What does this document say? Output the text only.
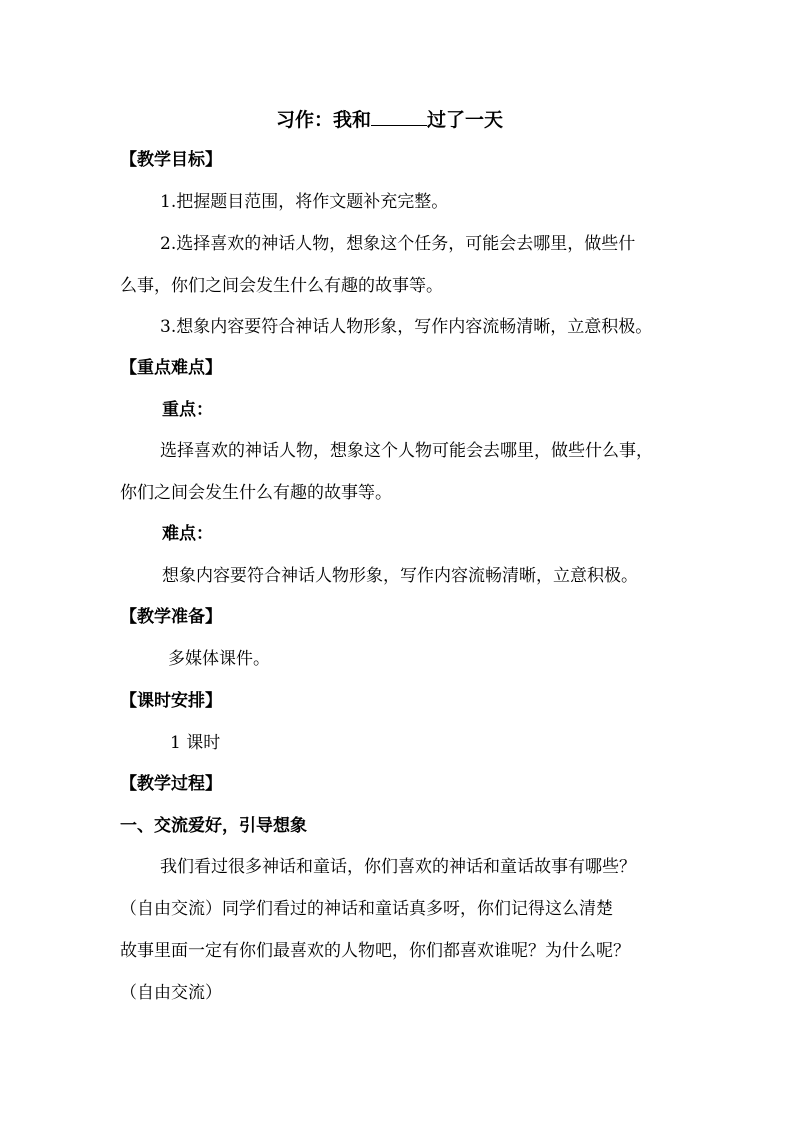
习作：我和	过了一天
【教学目标】
1.把握题目范围，将作文题补充完整。
2.选择喜欢的神话人物，想象这个任务，可能会去哪里，做些什
么事，你们之间会发生什么有趣的故事等。
3.想象内容要符合神话人物形象，写作内容流畅清晰，立意积极。
【重点难点】
重点：
选择喜欢的神话人物，想象这个人物可能会去哪里，做些什么事，
你们之间会发生什么有趣的故事等。
难点：
想象内容要符合神话人物形象，写作内容流畅清晰，立意积极。
【教学准备】
多媒体课件。
【课时安排】
1 课时
【教学过程】
一、交流爱好，引导想象
我们看过很多神话和童话，你们喜欢的神话和童话故事有哪些？
（自由交流）同学们看过的神话和童话真多呀，你们记得这么清楚
故事里面一定有你们最喜欢的人物吧，你们都喜欢谁呢？为什么呢？
（自由交流）
